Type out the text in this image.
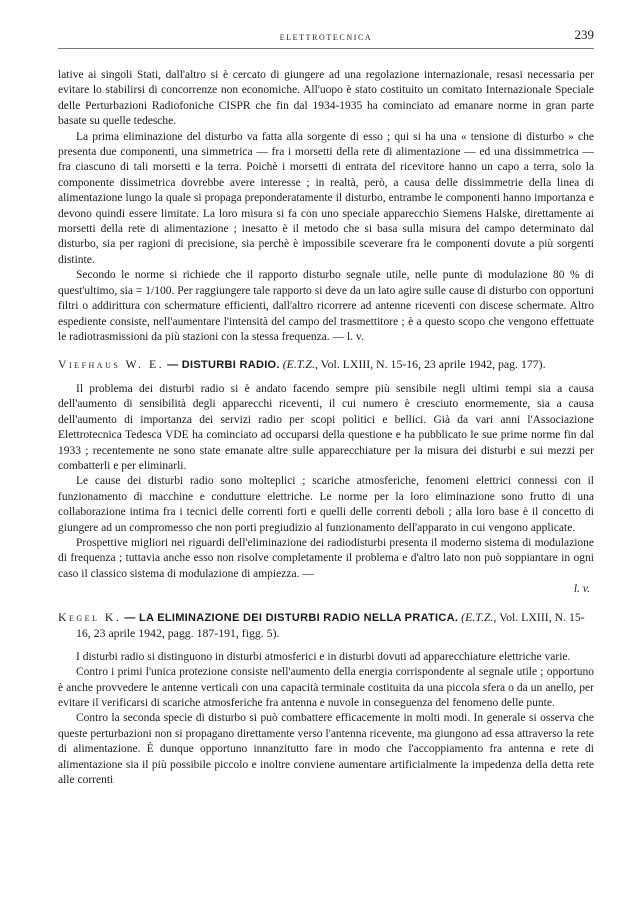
ELETTROTECNICA	239

lative ai singoli Stati, dall'altro si è cercato di giungere ad una regolazione internazionale, resasi necessaria per evitare lo stabilirsi di concorrenze non economiche. All'uopo è stato costituito un comitato Internazionale Speciale delle Perturbazioni Radiofoniche CISPR che fin dal 1934-1935 ha cominciato ad emanare norme in gran parte basate su quelle tedesche.

La prima eliminazione del disturbo va fatta alla sorgente di esso ; qui si ha una « tensione di disturbo » che presenta due componenti, una simmetrica — fra i morsetti della rete di alimentazione — ed una dissimmetrica — fra ciascuno di tali morsetti e la terra. Poichè i morsetti di entrata del ricevitore hanno un capo a terra, solo la componente dissimetrica dovrebbe avere interesse ; in realtà, però, a causa delle dissimmetrie della linea di alimentazione lungo la quale si propaga preponderatamente il disturbo, entrambe le componenti hanno importanza e devono quindi essere limitate. La loro misura si fa con uno speciale apparecchio Siemens Halske, direttamente ai morsetti della rete di alimentazione ; inesatto è il metodo che si basa sulla misura del campo determinato dal disturbo, sia per ragioni di precisione, sia perchè è impossibile sceverare fra le componenti dovute a più sorgenti distinte.

Secondo le norme si richiede che il rapporto disturbo segnale utile, nelle punte di modulazione 80 % di quest'ultimo, sia = 1/100. Per raggiungere tale rapporto si deve da un lato agire sulle cause di disturbo con opportuni filtri o addirittura con schermature efficienti, dall'altro ricorrere ad antenne riceventi con discese schermate. Altro espediente consiste, nell'aumentare l'intensità del campo del trasmettitore ; è a questo scopo che vengono effettuate le radiotrasmissioni da più stazioni con la stessa frequenza. — l. v.

Viefhaus W. E. — DISTURBI RADIO. (E.T.Z., Vol. LXIII, N. 15-16, 23 aprile 1942, pag. 177).

Il problema dei disturbi radio si è andato facendo sempre più sensibile negli ultimi tempi sia a causa dell'aumento di sensibilità degli apparecchi riceventi, il cui numero è cresciuto enormemente, sia a causa dell'aumento di importanza dei servizi radio per scopi politici e bellici. Già da vari anni l'Associazione Elettrotecnica Tedesca VDE ha cominciato ad occuparsi della questione e ha pubblicato le sue prime norme fin dal 1933 ; recentemente ne sono state emanate altre sulle apparecchiature per la misura dei disturbi e sui mezzi per combatterli e per eliminarli.

Le cause dei disturbi radio sono molteplici ; scariche atmosferiche, fenomeni elettrici connessi con il funzionamento di macchine e condutture elettriche. Le norme per la loro eliminazione sono frutto di una collaborazione intima fra i tecnici delle correnti forti e quelli delle correnti deboli ; alla loro base è il concetto di giungere ad un compromesso che non porti pregiudizio al funzionamento dell'apparato in cui vengono applicate.

Prospettive migliori nei riguardi dell'eliminazione dei radiodisturbi presenta il moderno sistema di modulazione di frequenza ; tuttavia anche esso non risolve completamente il problema e d'altro lato non può soppiantare in ogni caso il classico sistema di modulazione di ampiezza. —

l. v.

Kegel K. — LA ELIMINAZIONE DEI DISTURBI RADIO NELLA PRATICA. (E.T.Z., Vol. LXIII, N. 15-16, 23 aprile 1942, pagg. 187-191, figg. 5).

I disturbi radio si distinguono in disturbi atmosferici e in disturbi dovuti ad apparecchiature elettriche varie.

Contro i primi l'unica protezione consiste nell'aumento della energia corrispondente al segnale utile ; opportuno è anche provvedere le antenne verticali con una capacità terminale costituita da una piccola sfera o da un anello, per evitare il verificarsi di scariche atmosferiche fra antenna e nuvole in conseguenza del fenomeno delle punte.

Contro la seconda specie di disturbo si può combattere efficacemente in molti modi. In generale si osserva che queste perturbazioni non si propagano direttamente verso l'antenna ricevente, ma giungono ad essa attraverso la rete di alimentazione. È dunque opportuno innanzitutto fare in modo che l'accoppiamento fra antenna e rete di alimentazione sia il più possibile piccolo e inoltre conviene aumentare artificialmente la impedenza della detta rete alle correnti
